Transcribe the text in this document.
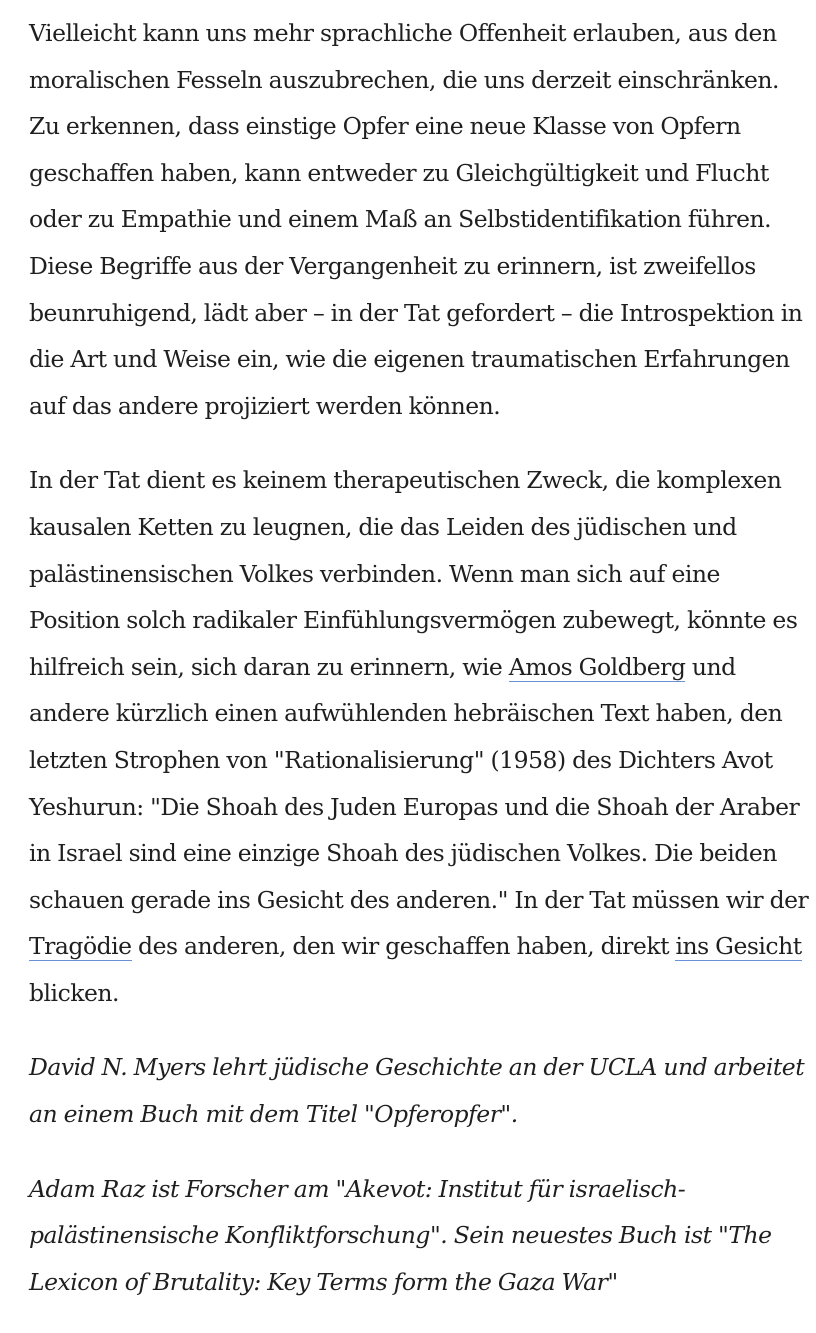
Vielleicht kann uns mehr sprachliche Offenheit erlauben, aus den moralischen Fesseln auszubrechen, die uns derzeit einschränken. Zu erkennen, dass einstige Opfer eine neue Klasse von Opfern geschaffen haben, kann entweder zu Gleichgültigkeit und Flucht oder zu Empathie und einem Maß an Selbstidentifikation führen. Diese Begriffe aus der Vergangenheit zu erinnern, ist zweifellos beunruhigend, lädt aber – in der Tat gefordert – die Introspektion in die Art und Weise ein, wie die eigenen traumatischen Erfahrungen auf das andere projiziert werden können.

In der Tat dient es keinem therapeutischen Zweck, die komplexen kausalen Ketten zu leugnen, die das Leiden des jüdischen und palästinensischen Volkes verbinden. Wenn man sich auf eine Position solch radikaler Einfühlungsvermögen zubewegt, könnte es hilfreich sein, sich daran zu erinnern, wie Amos Goldberg und andere kürzlich einen aufwühlenden hebräischen Text haben, den letzten Strophen von "Rationalisierung" (1958) des Dichters Avot Yeshurun: "Die Shoah des Juden Europas und die Shoah der Araber in Israel sind eine einzige Shoah des jüdischen Volkes. Die beiden schauen gerade ins Gesicht des anderen." In der Tat müssen wir der Tragödie des anderen, den wir geschaffen haben, direkt ins Gesicht blicken.

David N. Myers lehrt jüdische Geschichte an der UCLA und arbeitet an einem Buch mit dem Titel "Opferopfer".

Adam Raz ist Forscher am "Akevot: Institut für israelisch-palästinensische Konfliktforschung". Sein neuestes Buch ist "The Lexicon of Brutality: Key Terms form the Gaza War"
